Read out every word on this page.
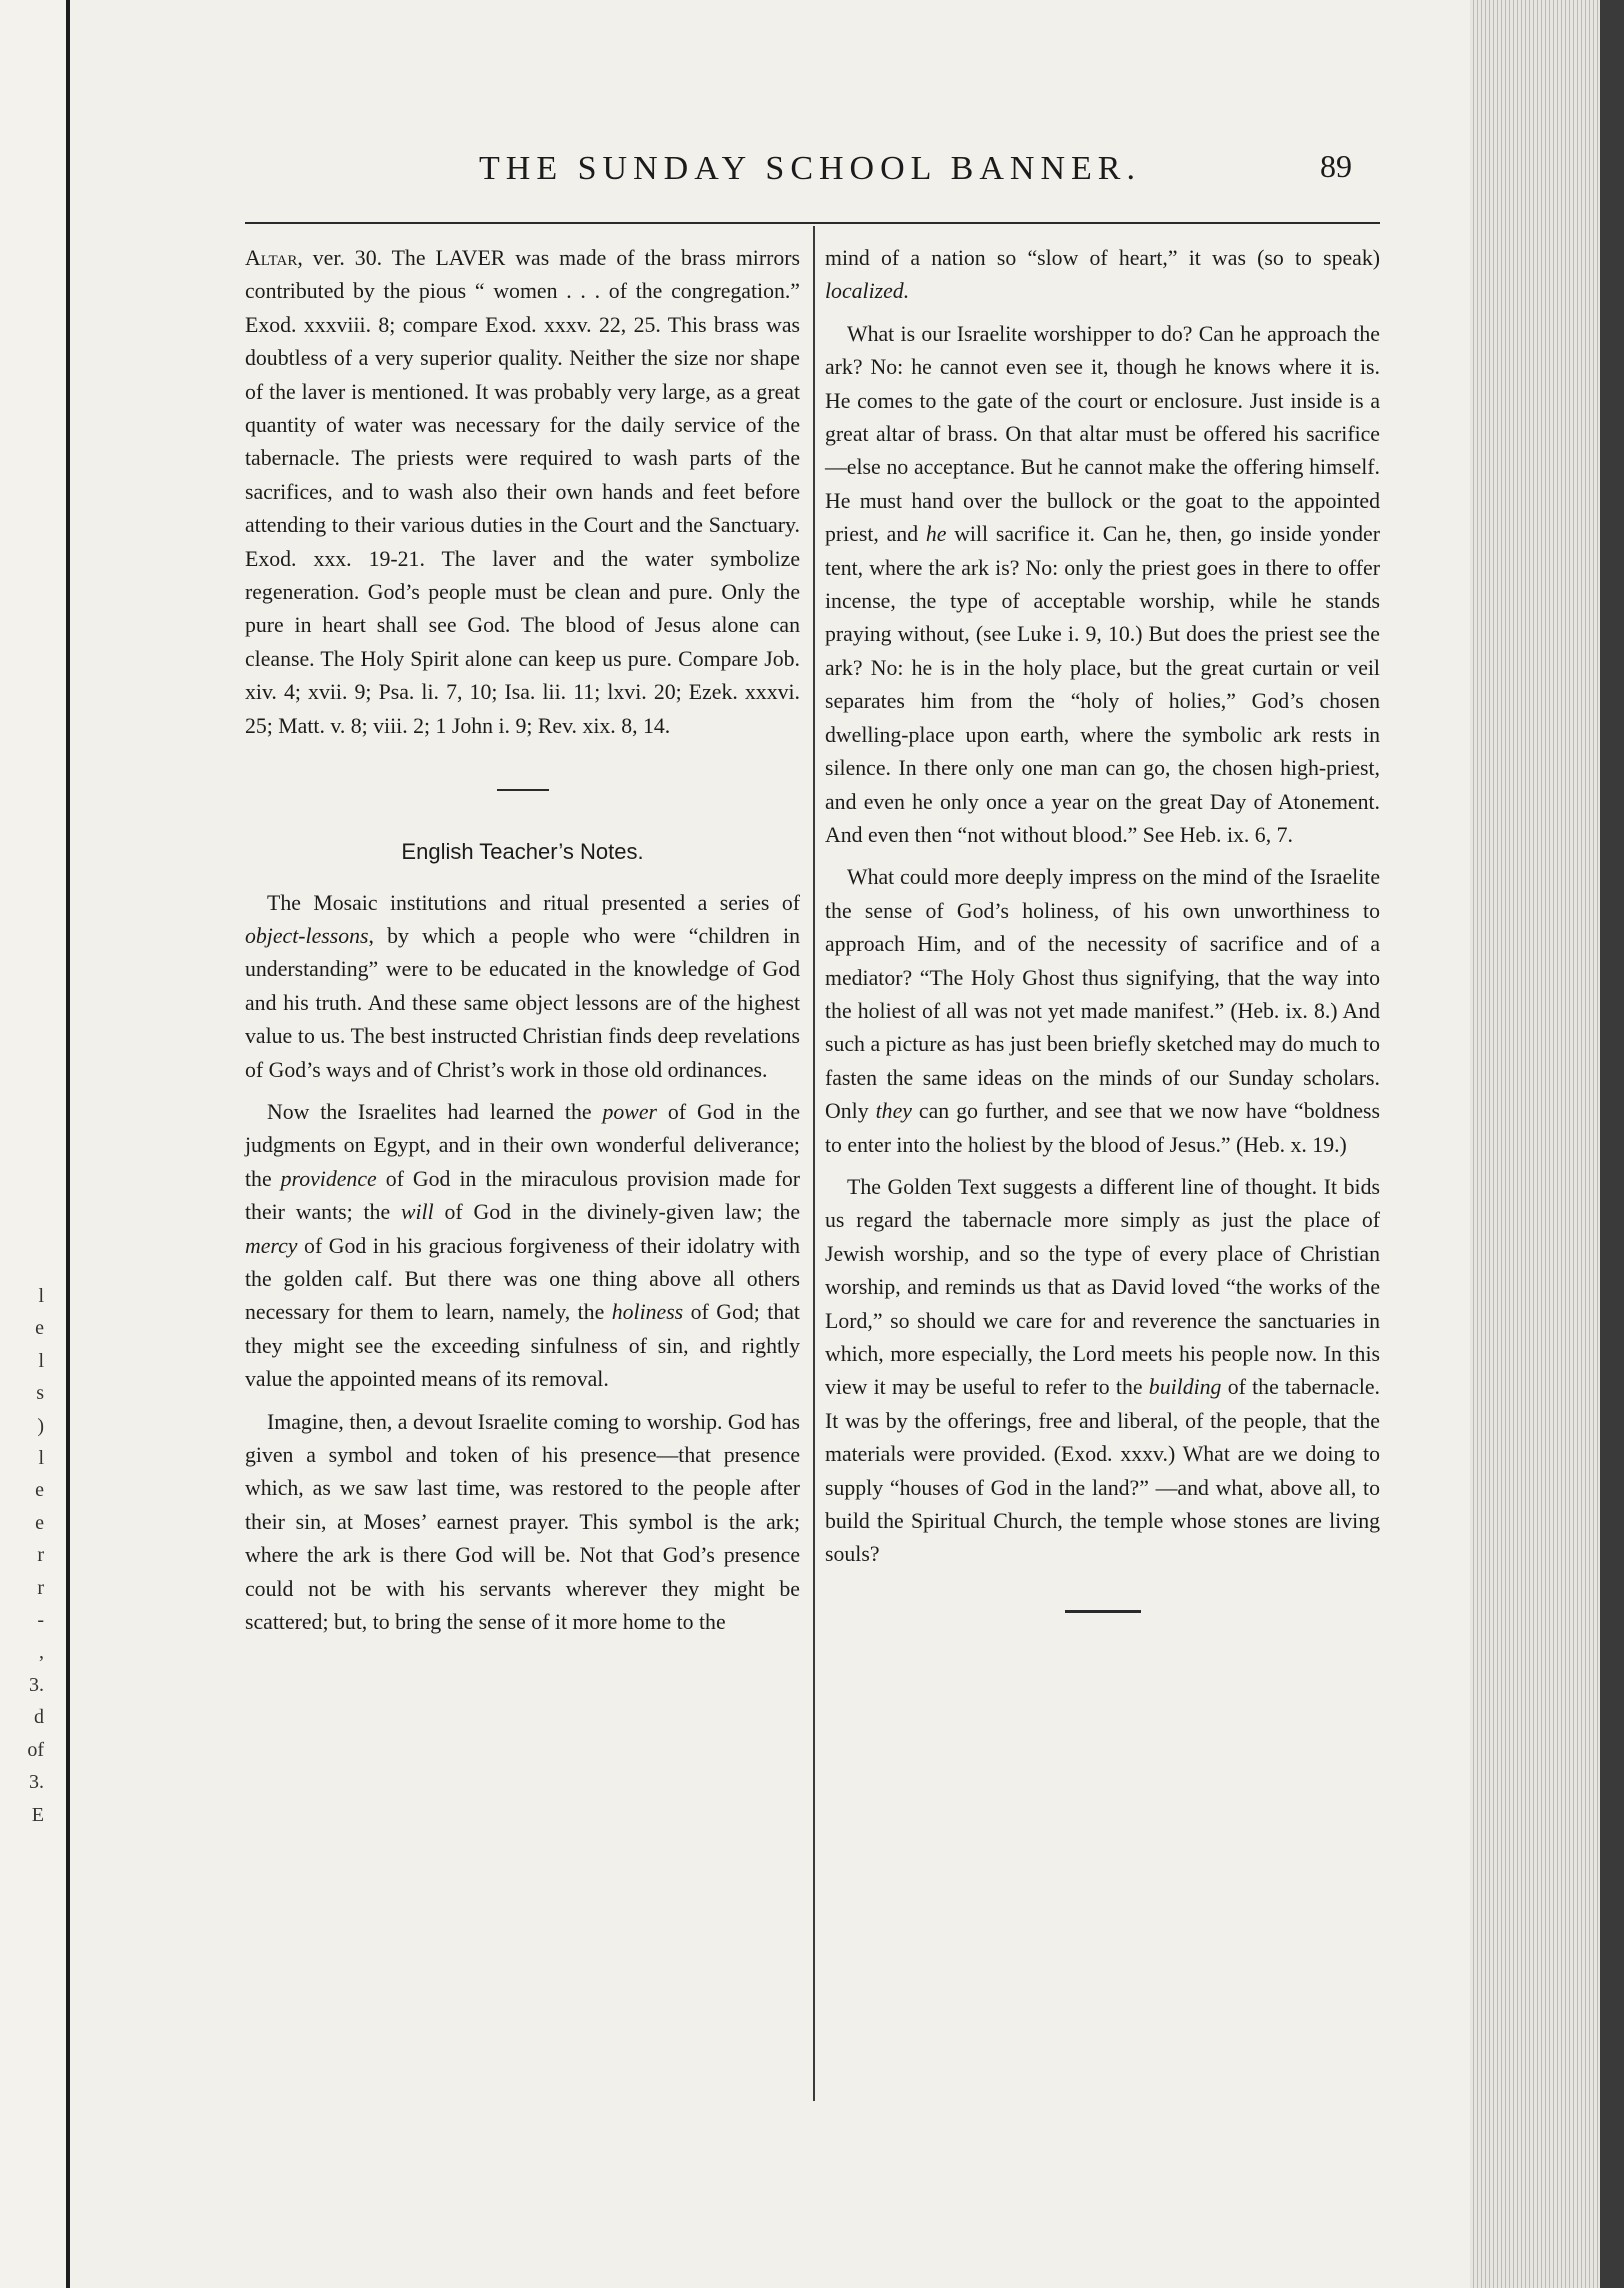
l
e
l
s
)
l
e
e
r
r
-
,
3.
d
of
3.
E
THE SUNDAY SCHOOL BANNER.	89

Altar, ver. 30. The LAVER was made of the brass mirrors contributed by the pious “ women . . . of the congregation.” Exod. xxxviii. 8; compare Exod. xxxv. 22, 25. This brass was doubtless of a very superior quality. Neither the size nor shape of the laver is mentioned. It was probably very large, as a great quantity of water was necessary for the daily service of the tabernacle. The priests were required to wash parts of the sacrifices, and to wash also their own hands and feet before attending to their various duties in the Court and the Sanctuary. Exod. xxx. 19-21. The laver and the water symbolize regeneration. God’s people must be clean and pure. Only the pure in heart shall see God. The blood of Jesus alone can cleanse. The Holy Spirit alone can keep us pure. Compare Job. xiv. 4; xvii. 9; Psa. li. 7, 10; Isa. lii. 11; lxvi. 20; Ezek. xxxvi. 25; Matt. v. 8; viii. 2; 1 John i. 9; Rev. xix. 8, 14.

English Teacher’s Notes.

The Mosaic institutions and ritual presented a series of object-lessons, by which a people who were “children in understanding” were to be educated in the knowledge of God and his truth. And these same object lessons are of the highest value to us. The best instructed Christian finds deep revelations of God’s ways and of Christ’s work in those old ordinances.

Now the Israelites had learned the power of God in the judgments on Egypt, and in their own wonderful deliverance; the providence of God in the miraculous provision made for their wants; the will of God in the divinely-given law; the mercy of God in his gracious forgiveness of their idolatry with the golden calf. But there was one thing above all others necessary for them to learn, namely, the holiness of God; that they might see the exceeding sinfulness of sin, and rightly value the appointed means of its removal.

Imagine, then, a devout Israelite coming to worship. God has given a symbol and token of his presence—that presence which, as we saw last time, was restored to the people after their sin, at Moses’ earnest prayer. This symbol is the ark; where the ark is there God will be. Not that God’s presence could not be with his servants wherever they might be scattered; but, to bring the sense of it more home to the

mind of a nation so “slow of heart,” it was (so to speak) localized.

What is our Israelite worshipper to do? Can he approach the ark? No: he cannot even see it, though he knows where it is. He comes to the gate of the court or enclosure. Just inside is a great altar of brass. On that altar must be offered his sacrifice—else no acceptance. But he cannot make the offering himself. He must hand over the bullock or the goat to the appointed priest, and he will sacrifice it. Can he, then, go inside yonder tent, where the ark is? No: only the priest goes in there to offer incense, the type of acceptable worship, while he stands praying without, (see Luke i. 9, 10.) But does the priest see the ark? No: he is in the holy place, but the great curtain or veil separates him from the “holy of holies,” God’s chosen dwelling-place upon earth, where the symbolic ark rests in silence. In there only one man can go, the chosen high-priest, and even he only once a year on the great Day of Atonement. And even then “not without blood.” See Heb. ix. 6, 7.

What could more deeply impress on the mind of the Israelite the sense of God’s holiness, of his own unworthiness to approach Him, and of the necessity of sacrifice and of a mediator? “The Holy Ghost thus signifying, that the way into the holiest of all was not yet made manifest.” (Heb. ix. 8.) And such a picture as has just been briefly sketched may do much to fasten the same ideas on the minds of our Sunday scholars. Only they can go further, and see that we now have “boldness to enter into the holiest by the blood of Jesus.” (Heb. x. 19.)

The Golden Text suggests a different line of thought. It bids us regard the tabernacle more simply as just the place of Jewish worship, and so the type of every place of Christian worship, and reminds us that as David loved “the works of the Lord,” so should we care for and reverence the sanctuaries in which, more especially, the Lord meets his people now. In this view it may be useful to refer to the building of the tabernacle. It was by the offerings, free and liberal, of the people, that the materials were provided. (Exod. xxxv.) What are we doing to supply “houses of God in the land?” —and what, above all, to build the Spiritual Church, the temple whose stones are living souls?
